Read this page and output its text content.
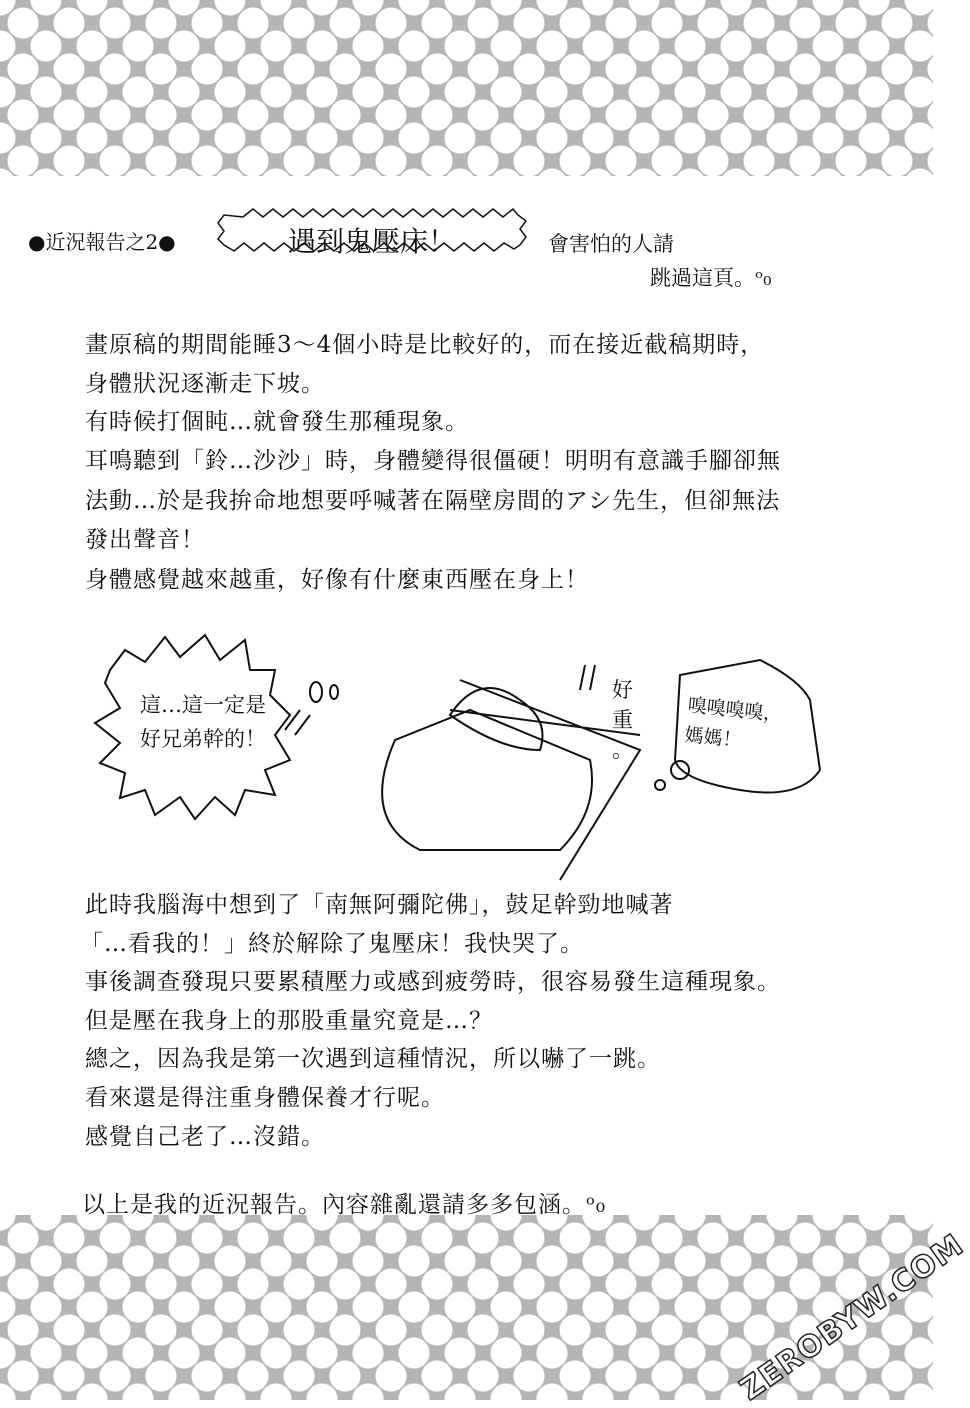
●近況報告之2●	遇到鬼壓床！	會害怕的人請
跳過這頁。ᵒ₀
畫原稿的期間能睡3～4個小時是比較好的，而在接近截稿期時，
身體狀況逐漸走下坡。
有時候打個盹…就會發生那種現象。
耳鳴聽到「鈴…沙沙」時，身體變得很僵硬！明明有意識手腳卻無
法動…於是我拚命地想要呼喊著在隔壁房間的アシ先生，但卻無法
發出聲音！
身體感覺越來越重，好像有什麼東西壓在身上！
這…這一定是
好兄弟幹的！
好
重
。
嗅嗅嗅嗅，
媽媽！
此時我腦海中想到了「南無阿彌陀佛」，鼓足幹勁地喊著
「…看我的！」終於解除了鬼壓床！我快哭了。
事後調查發現只要累積壓力或感到疲勞時，很容易發生這種現象。
但是壓在我身上的那股重量究竟是…？
總之，因為我是第一次遇到這種情況，所以嚇了一跳。
看來還是得注重身體保養才行呢。
感覺自己老了…沒錯。
以上是我的近況報告。內容雜亂還請多多包涵。ᵒ₀
ZEROBYW.COM
